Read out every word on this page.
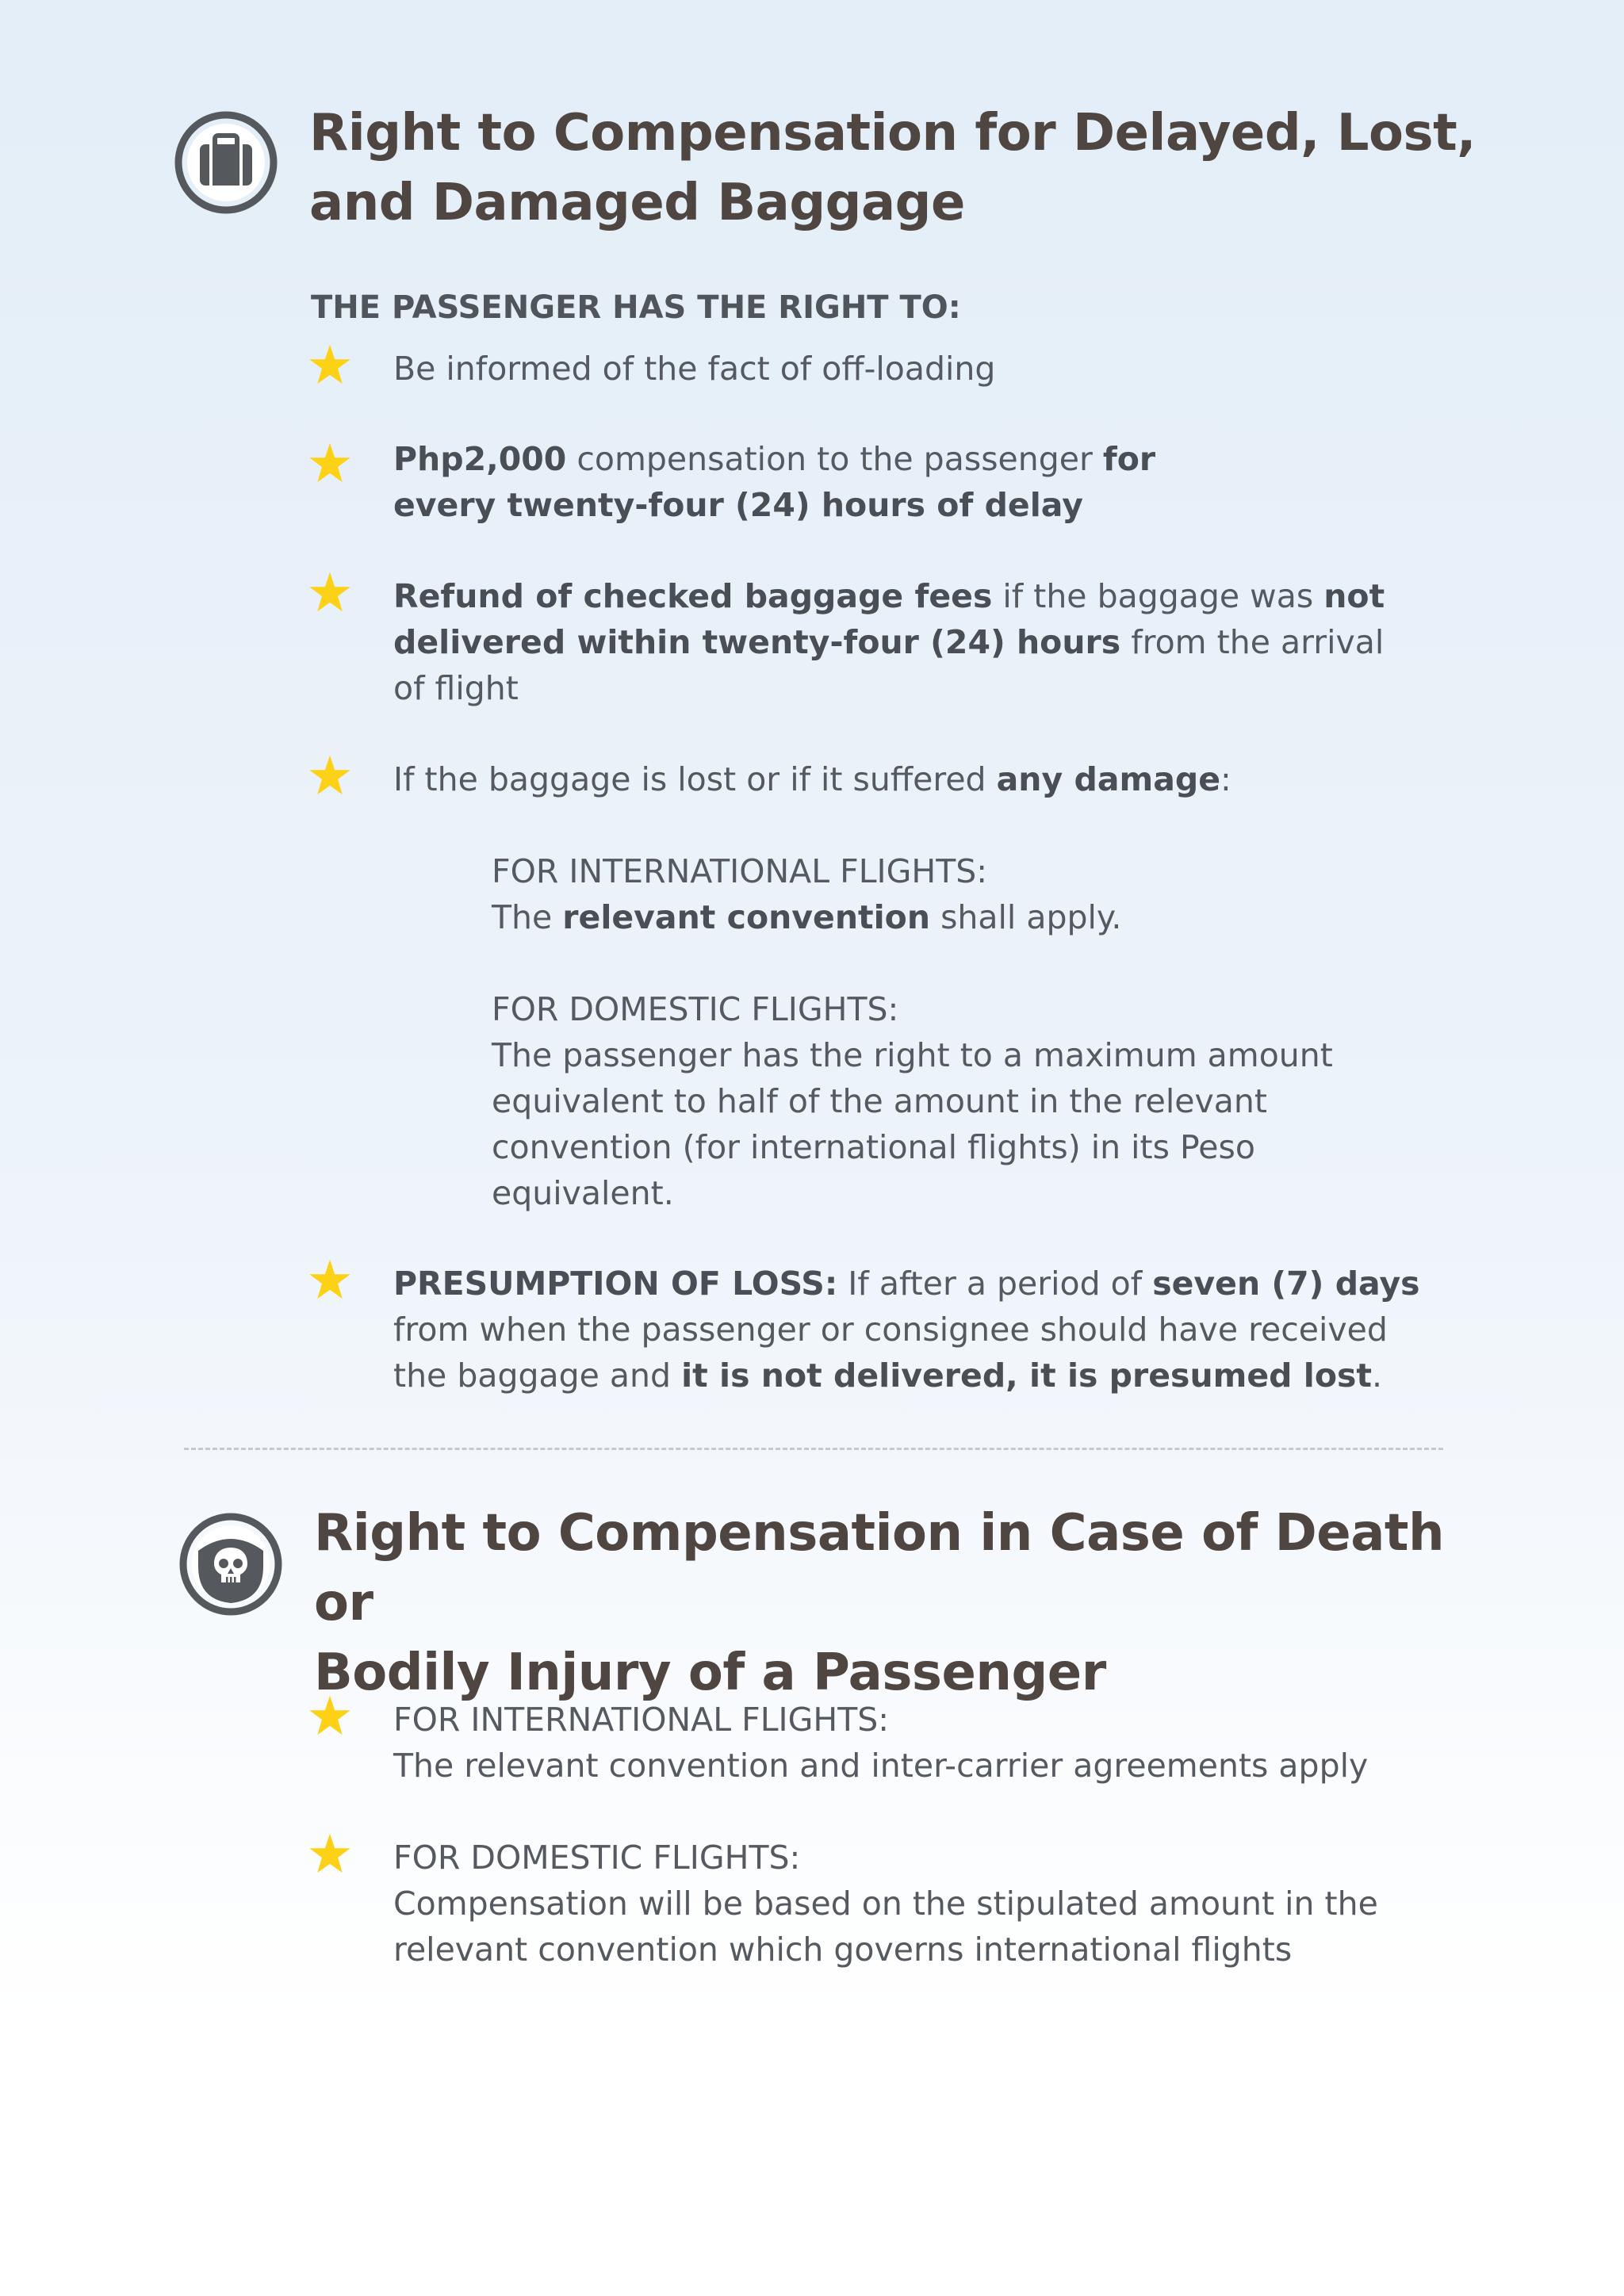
Right to Compensation for Delayed, Lost,
and Damaged Baggage
THE PASSENGER HAS THE RIGHT TO:
Be informed of the fact of off-loading
Php2,000 compensation to the passenger for every twenty-four (24) hours of delay
Refund of checked baggage fees if the baggage was not delivered within twenty-four (24) hours from the arrival of flight
If the baggage is lost or if it suffered any damage:
FOR INTERNATIONAL FLIGHTS:
The relevant convention shall apply.
FOR DOMESTIC FLIGHTS:
The passenger has the right to a maximum amount equivalent to half of the amount in the relevant convention (for international flights) in its Peso equivalent.
PRESUMPTION OF LOSS: If after a period of seven (7) days from when the passenger or consignee should have received the baggage and it is not delivered, it is presumed lost.
Right to Compensation in Case of Death or
Bodily Injury of a Passenger
FOR INTERNATIONAL FLIGHTS:
The relevant convention and inter-carrier agreements apply
FOR DOMESTIC FLIGHTS:
Compensation will be based on the stipulated amount in the relevant convention which governs international flights
